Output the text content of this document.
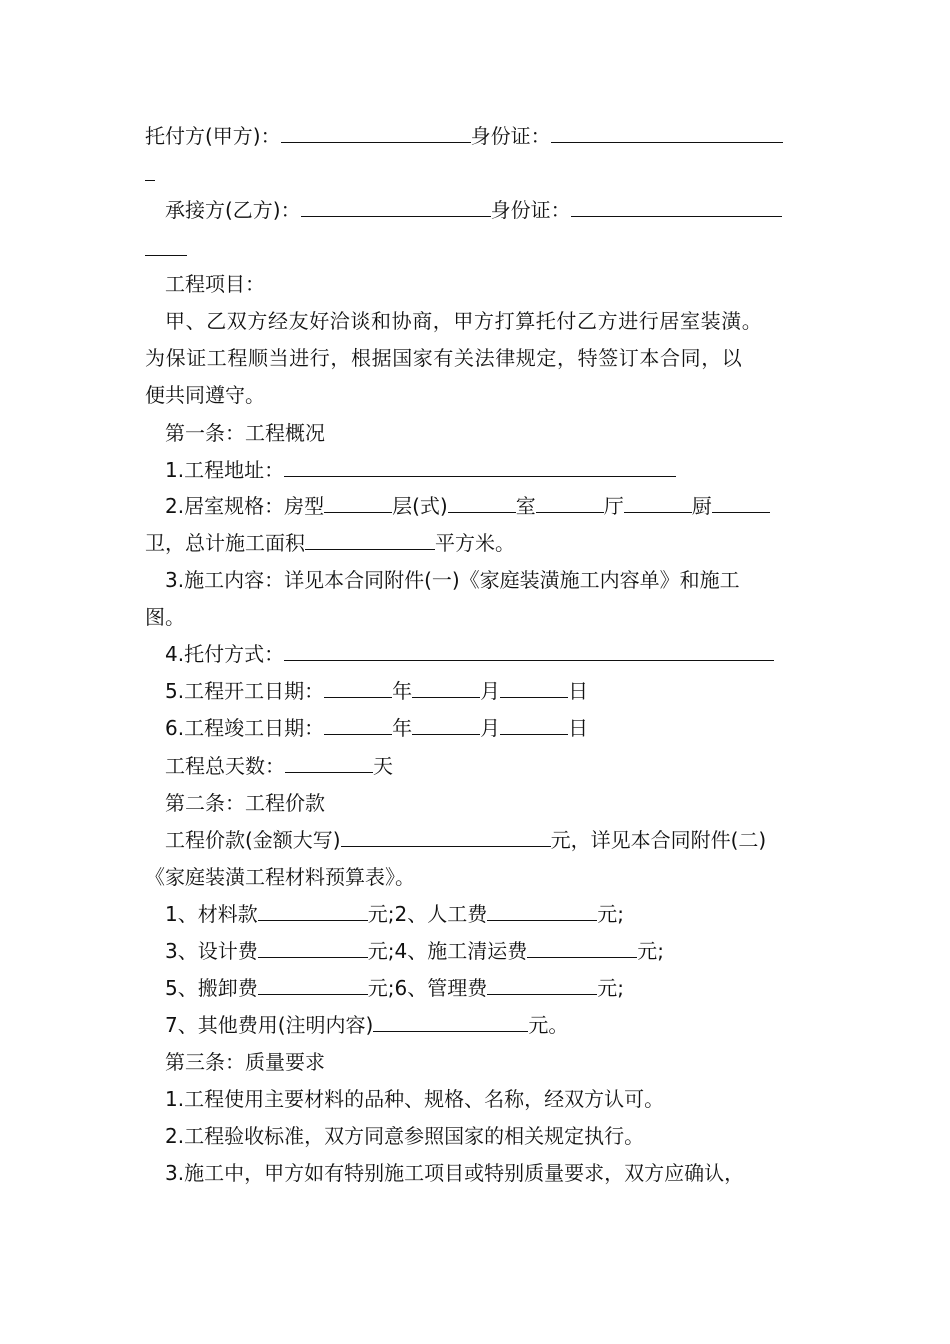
托付方(甲方)：	身份证：
承接方(乙方)：	身份证：
工程项目：
甲、乙双方经友好洽谈和协商，甲方打算托付乙方进行居室装潢。
为保证工程顺当进行，根据国家有关法律规定，特签订本合同，以
便共同遵守。
第一条：工程概况
1.工程地址：
2.居室规格：房型	层(式)	室	厅	厨
卫，总计施工面积	平方米。
3.施工内容：详见本合同附件(一)《家庭装潢施工内容单》和施工
图。
4.托付方式：
5.工程开工日期：	年	月	日
6.工程竣工日期：	年	月	日
工程总天数：	天
第二条：工程价款
工程价款(金额大写)	元，详见本合同附件(二)
《家庭装潢工程材料预算表》。
1、材料款	元;2、人工费	元;
3、设计费	元;4、施工清运费	元;
5、搬卸费	元;6、管理费	元;
7、其他费用(注明内容)	元。
第三条：质量要求
1.工程使用主要材料的品种、规格、名称，经双方认可。
2.工程验收标准，双方同意参照国家的相关规定执行。
3.施工中，甲方如有特别施工项目或特别质量要求，双方应确认，
